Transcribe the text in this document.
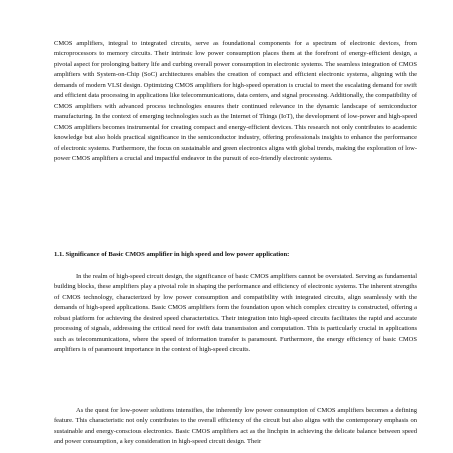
CMOS amplifiers, integral to integrated circuits, serve as foundational components for a spectrum of electronic devices, from microprocessors to memory circuits. Their intrinsic low power consumption places them at the forefront of energy-efficient design, a pivotal aspect for prolonging battery life and curbing overall power consumption in electronic systems. The seamless integration of CMOS amplifiers with System-on-Chip (SoC) architectures enables the creation of compact and efficient electronic systems, aligning with the demands of modern VLSI design. Optimizing CMOS amplifiers for high-speed operation is crucial to meet the escalating demand for swift and efficient data processing in applications like telecommunications, data centers, and signal processing. Additionally, the compatibility of CMOS amplifiers with advanced process technologies ensures their continued relevance in the dynamic landscape of semiconductor manufacturing. In the context of emerging technologies such as the Internet of Things (IoT), the development of low-power and high-speed CMOS amplifiers becomes instrumental for creating compact and energy-efficient devices. This research not only contributes to academic knowledge but also holds practical significance in the semiconductor industry, offering professionals insights to enhance the performance of electronic systems. Furthermore, the focus on sustainable and green electronics aligns with global trends, making the exploration of low-power CMOS amplifiers a crucial and impactful endeavor in the pursuit of eco-friendly electronic systems.

1.1. Significance of Basic CMOS amplifier in high speed and low power application:

In the realm of high-speed circuit design, the significance of basic CMOS amplifiers cannot be overstated. Serving as fundamental building blocks, these amplifiers play a pivotal role in shaping the performance and efficiency of electronic systems. The inherent strengths of CMOS technology, characterized by low power consumption and compatibility with integrated circuits, align seamlessly with the demands of high-speed applications. Basic CMOS amplifiers form the foundation upon which complex circuitry is constructed, offering a robust platform for achieving the desired speed characteristics. Their integration into high-speed circuits facilitates the rapid and accurate processing of signals, addressing the critical need for swift data transmission and computation. This is particularly crucial in applications such as telecommunications, where the speed of information transfer is paramount. Furthermore, the energy efficiency of basic CMOS amplifiers is of paramount importance in the context of high-speed circuits.

As the quest for low-power solutions intensifies, the inherently low power consumption of CMOS amplifiers becomes a defining feature. This characteristic not only contributes to the overall efficiency of the circuit but also aligns with the contemporary emphasis on sustainable and energy-conscious electronics. Basic CMOS amplifiers act as the linchpin in achieving the delicate balance between speed and power consumption, a key consideration in high-speed circuit design. Their
